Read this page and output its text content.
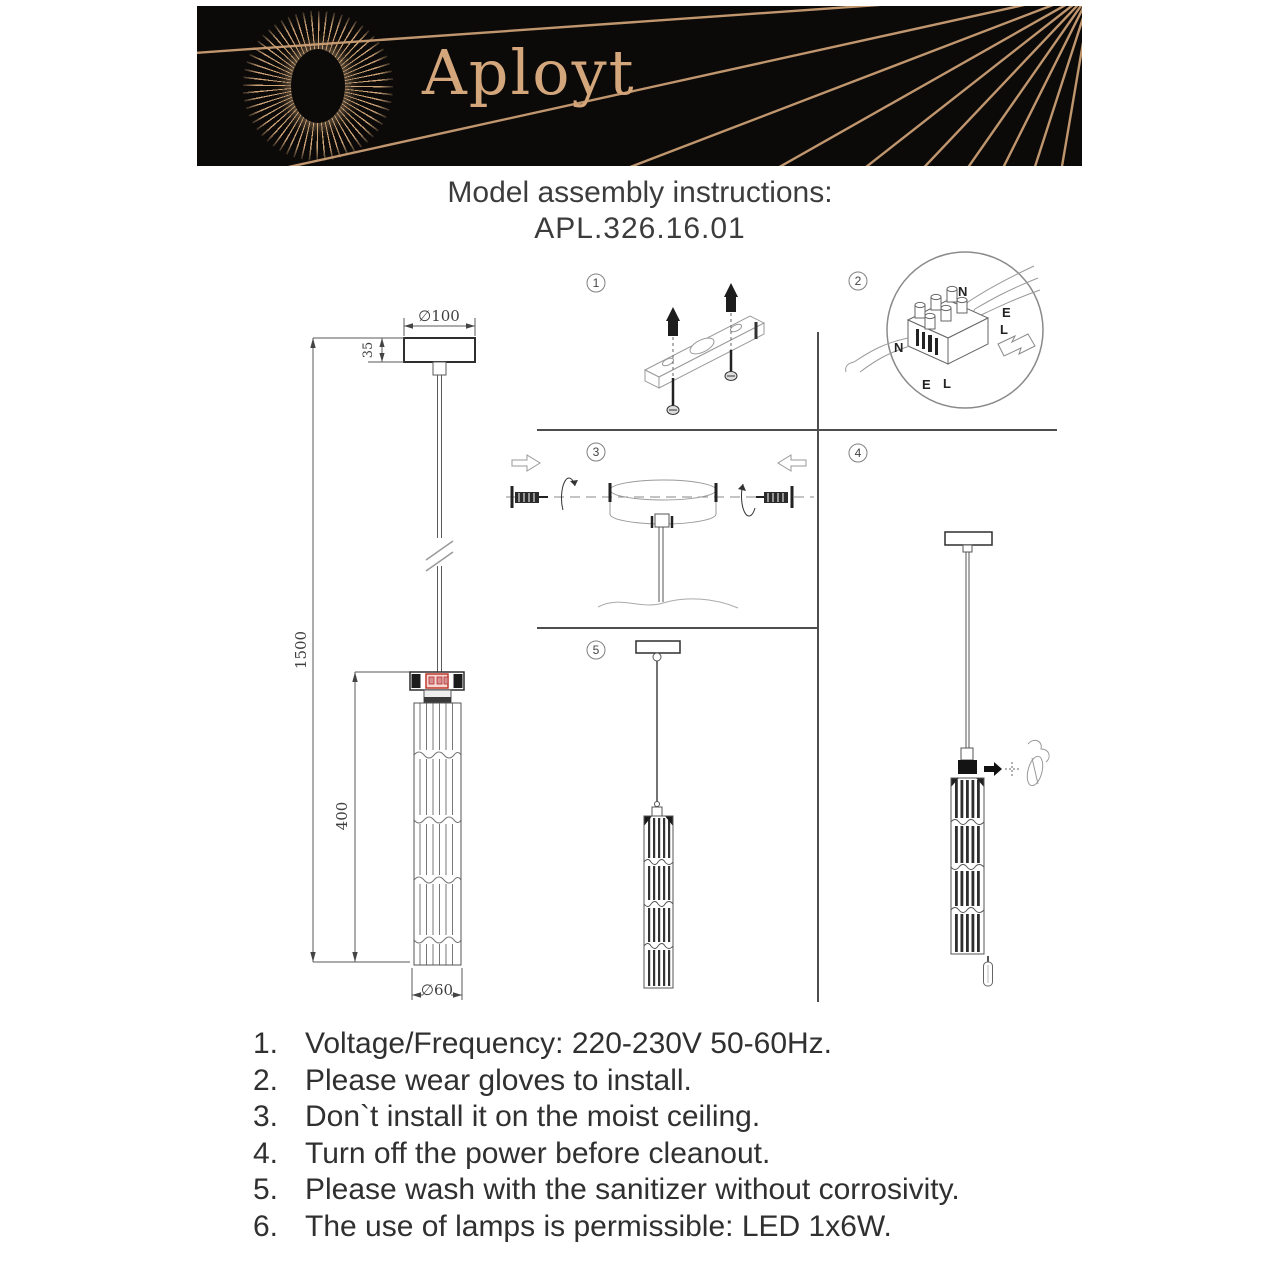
Aployt
Model assembly instructions:
APL.326.16.01
∅100
35
1500
400
∅60
1	2
N
E
L
N
E L
3	4
5
1. Voltage/Frequency: 220-230V 50-60Hz.
2. Please wear gloves to install.
3. Don`t install it on the moist ceiling.
4. Turn off the power before cleanout.
5. Please wash with the sanitizer without corrosivity.
6. The use of lamps is permissible: LED 1x6W.
